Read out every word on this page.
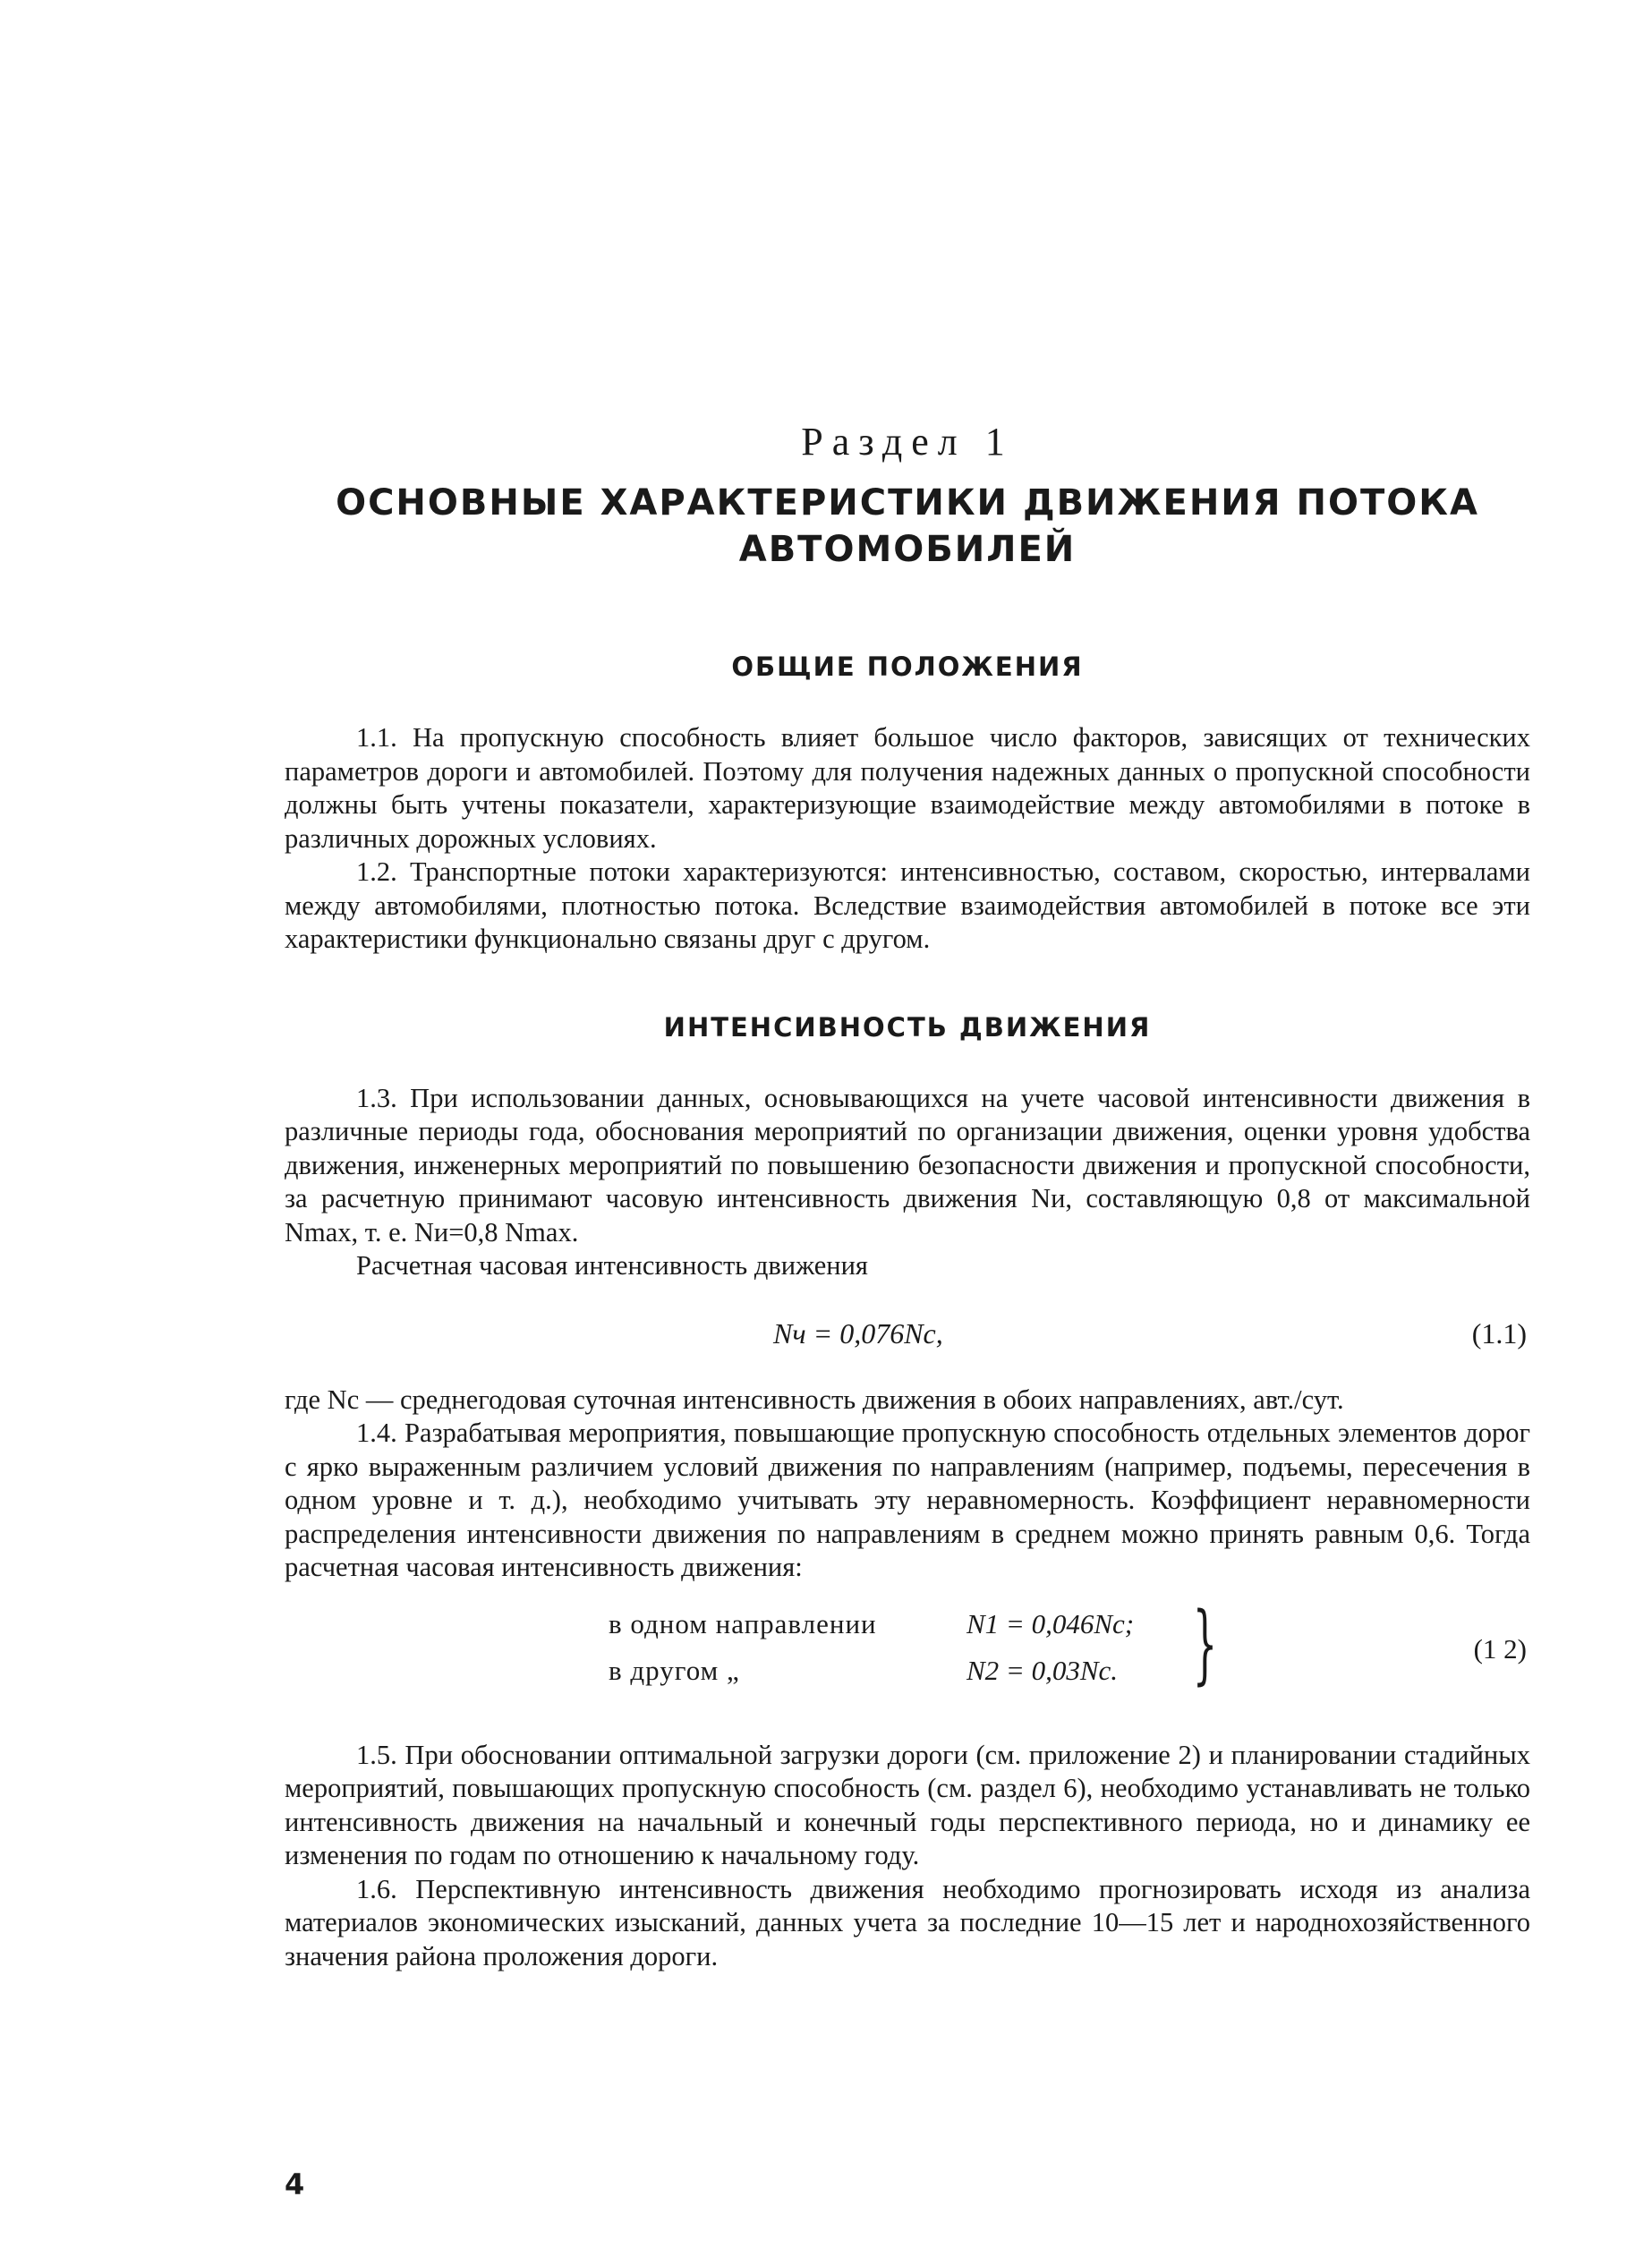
Раздел 1
ОСНОВНЫЕ ХАРАКТЕРИСТИКИ ДВИЖЕНИЯ ПОТОКА АВТОМОБИЛЕЙ
ОБЩИЕ ПОЛОЖЕНИЯ

1.1. На пропускную способность влияет большое число факторов, зависящих от технических параметров дороги и автомобилей. Поэтому для получения надежных данных о пропускной способности должны быть учтены показатели, характеризующие взаимодействие между автомобилями в потоке в различных дорожных условиях.

1.2. Транспортные потоки характеризуются: интенсивностью, составом, скоростью, интервалами между автомобилями, плотностью потока. Вследствие взаимодействия автомобилей в потоке все эти характеристики функционально связаны друг с другом.

ИНТЕНСИВНОСТЬ ДВИЖЕНИЯ

1.3. При использовании данных, основывающихся на учете часовой интенсивности движения в различные периоды года, обоснования мероприятий по организации движения, оценки уровня удобства движения, инженерных мероприятий по повышению безопасности движения и пропускной способности, за расчетную принимают часовую интенсивность движения Nи, составляющую 0,8 от максимальной Nmax, т. е. Nи=0,8 Nmax.

Расчетная часовая интенсивность движения

Nч = 0,076Nс,	(1.1)

где Nс — среднегодовая суточная интенсивность движения в обоих направлениях, авт./сут.

1.4. Разрабатывая мероприятия, повышающие пропускную способность отдельных элементов дорог с ярко выраженным различием условий движения по направлениям (например, подъемы, пересечения в одном уровне и т. д.), необходимо учитывать эту неравномерность. Коэффициент неравномерности распределения интенсивности движения по направлениям в среднем можно принять равным 0,6. Тогда расчетная часовая интенсивность движения:

в одном направлении	N1 = 0,046Nс;
в другом „	N2 = 0,03Nс. }	(1 2)

1.5. При обосновании оптимальной загрузки дороги (см. приложение 2) и планировании стадийных мероприятий, повышающих пропускную способность (см. раздел 6), необходимо устанавливать не только интенсивность движения на начальный и конечный годы перспективного периода, но и динамику ее изменения по годам по отношению к начальному году.

1.6. Перспективную интенсивность движения необходимо прогнозировать исходя из анализа материалов экономических изысканий, данных учета за последние 10—15 лет и народнохозяйственного значения района проложения дороги.

4
